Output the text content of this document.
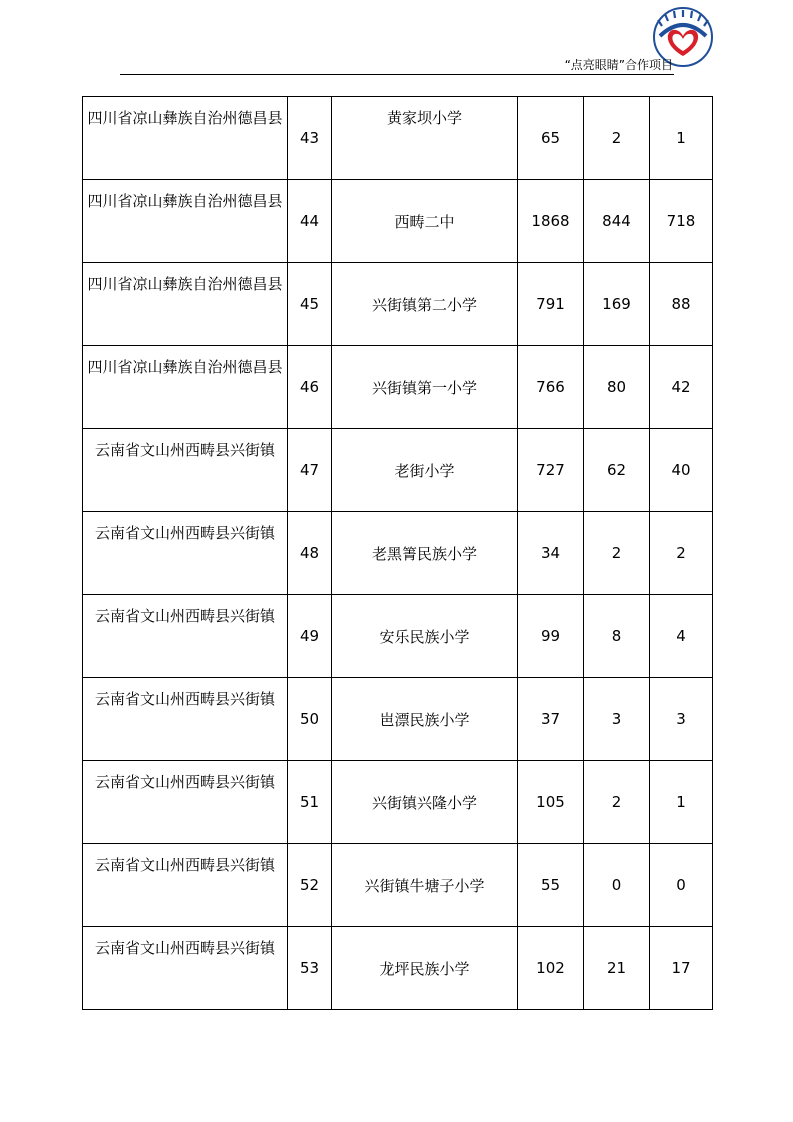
“点亮眼睛”合作项目
四川省凉山彝族自治州德昌县	43	黄家坝小学	65	2	1
四川省凉山彝族自治州德昌县	44	西畴二中	1868	844	718
四川省凉山彝族自治州德昌县	45	兴街镇第二小学	791	169	88
四川省凉山彝族自治州德昌县	46	兴街镇第一小学	766	80	42
云南省文山州西畴县兴街镇	47	老街小学	727	62	40
云南省文山州西畴县兴街镇	48	老黑箐民族小学	34	2	2
云南省文山州西畴县兴街镇	49	安乐民族小学	99	8	4
云南省文山州西畴县兴街镇	50	岜漂民族小学	37	3	3
云南省文山州西畴县兴街镇	51	兴街镇兴隆小学	105	2	1
云南省文山州西畴县兴街镇	52	兴街镇牛塘子小学	55	0	0
云南省文山州西畴县兴街镇	53	龙坪民族小学	102	21	17
